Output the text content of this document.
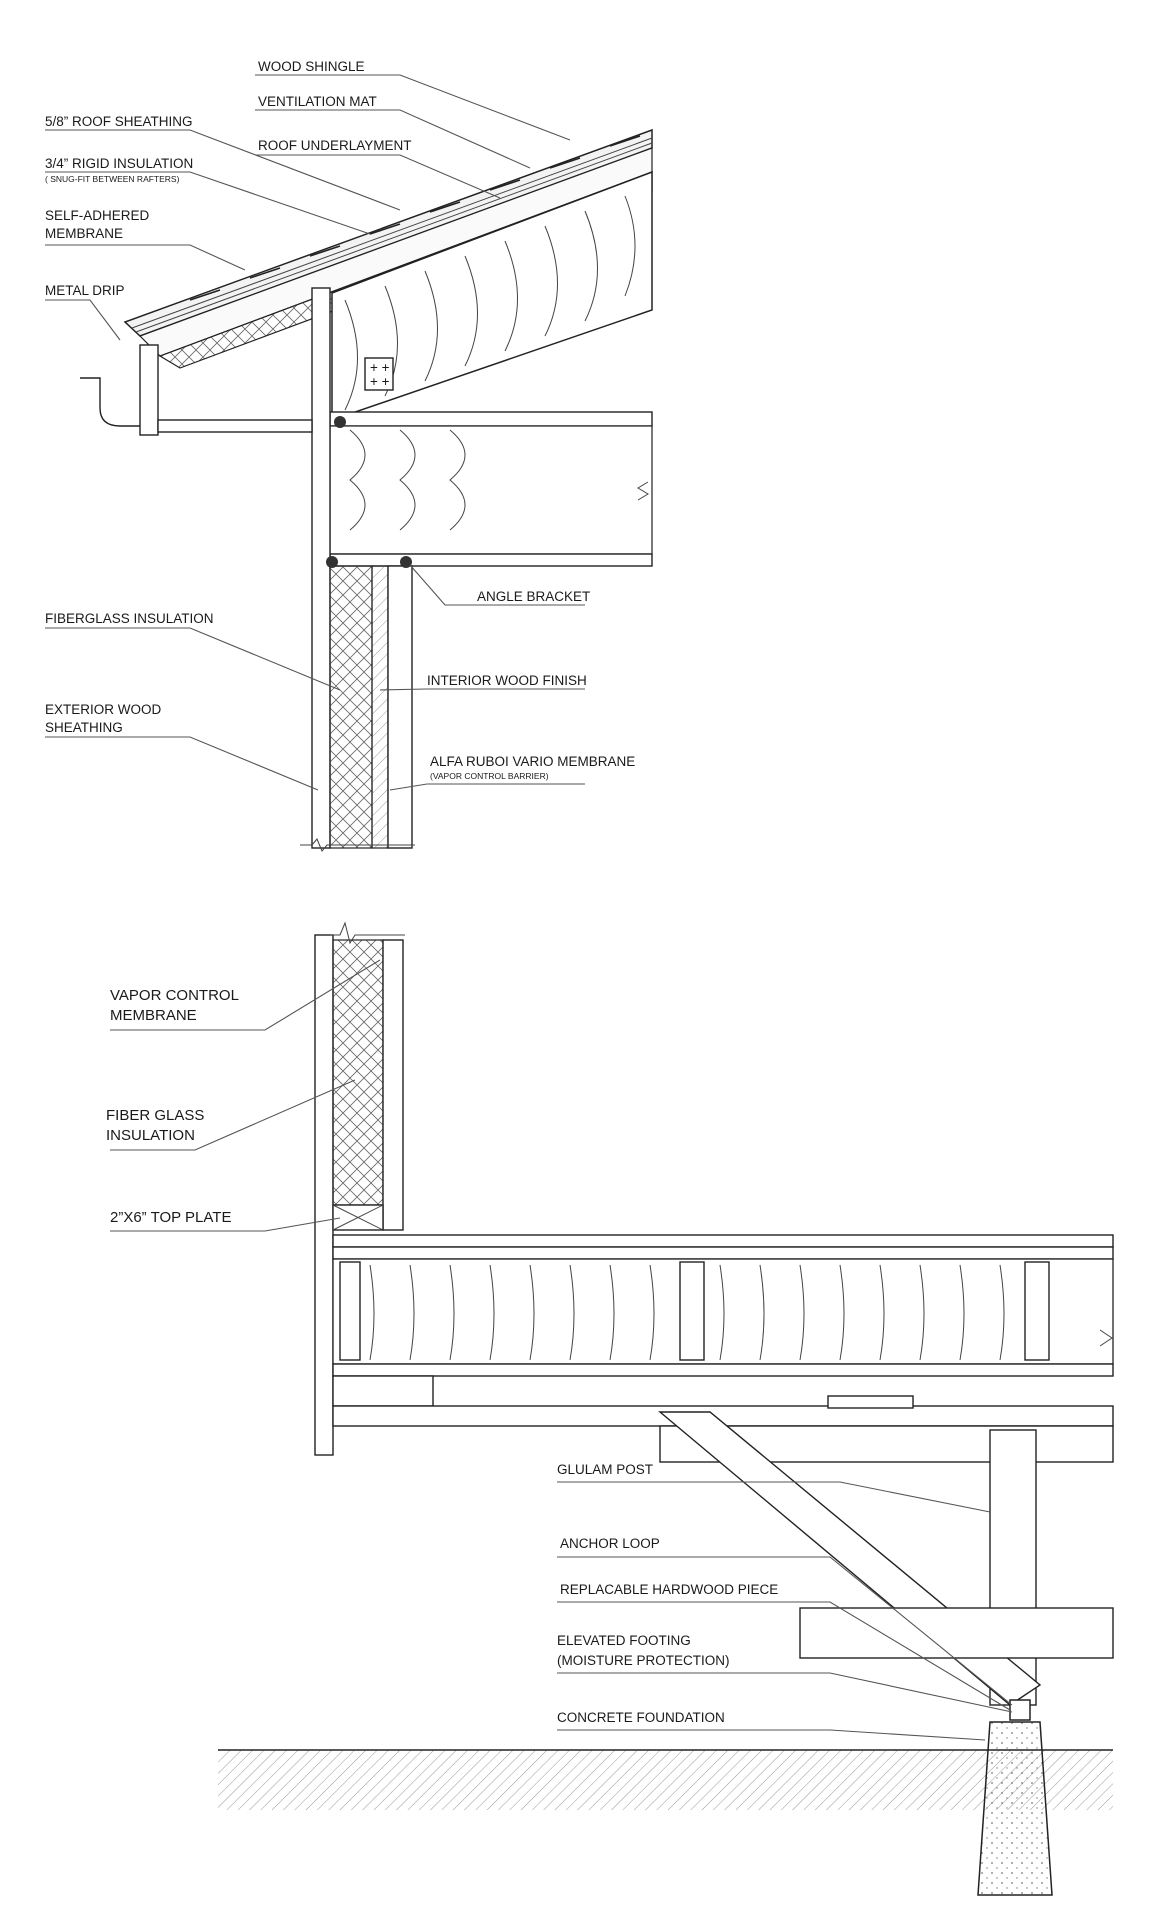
+ +
+ +
WOOD SHINGLE
VENTILATION MAT
5/8” ROOF SHEATHING
3/4” RIGID INSULATION
( SNUG-FIT BETWEEN RAFTERS)
ROOF UNDERLAYMENT
SELF-ADHERED
MEMBRANE
METAL DRIP
ANGLE BRACKET
FIBERGLASS INSULATION
INTERIOR WOOD FINISH
EXTERIOR WOOD
SHEATHING
ALFA RUBOI VARIO MEMBRANE
(VAPOR CONTROL BARRIER)
VAPOR CONTROL
MEMBRANE
FIBER GLASS
INSULATION
2”X6” TOP PLATE
GLULAM POST
ANCHOR LOOP
REPLACABLE HARDWOOD PIECE
ELEVATED FOOTING
(MOISTURE PROTECTION)
CONCRETE FOUNDATION
